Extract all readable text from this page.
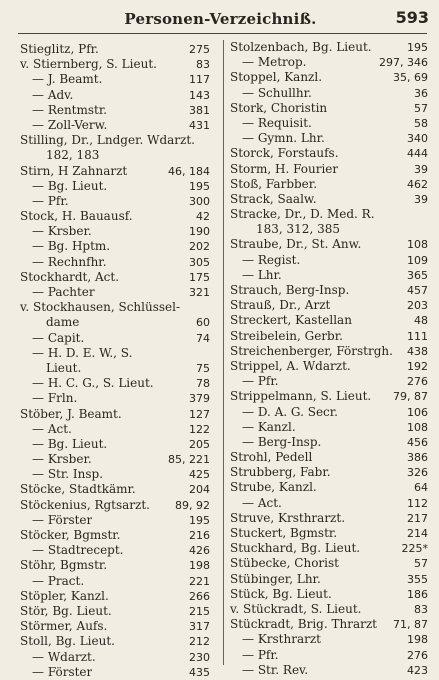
Personen-Verzeichniß.	593
Stieglitz, Pfr.	275
v. Stiernberg, S. Lieut.	83
— J. Beamt.	117
— Adv.	143
— Rentmstr.	381
— Zoll-Verw.	431
Stilling, Dr., Lndger. Wdarzt.
182, 183
Stirn, H Zahnarzt	46, 184
— Bg. Lieut.	195
— Pfr.	300
Stock, H. Bauausf.	42
— Krsber.	190
— Bg. Hptm.	202
— Rechnfhr.	305
Stockhardt, Act.	175
— Pachter	321
v. Stockhausen, Schlüssel-
dame	60
— Capit.	74
— H. D. E. W., S.
Lieut.	75
— H. C. G., S. Lieut.	78
— Frln.	379
Stöber, J. Beamt.	127
— Act.	122
— Bg. Lieut.	205
— Krsber.	85, 221
— Str. Insp.	425
Stöcke, Stadtkämr.	204
Stöckenius, Rgtsarzt. 89, 92
— Förster	195
Stöcker, Bgmstr.	216
— Stadtrecept.	426
Stöhr, Bgmstr.	198
— Pract.	221
Stöpler, Kanzl.	266
Stör, Bg. Lieut.	215
Störmer, Aufs.	317
Stoll, Bg. Lieut.	212
— Wdarzt.	230
— Förster	435
Stolzenbach, Bg. Lieut.	195
— Metrop.	297, 346
Stoppel, Kanzl.	35, 69
— Schullhr.	36
Stork, Choristin	57
— Requisit.	58
— Gymn. Lhr.	340
Storck, Forstaufs.	444
Storm, H. Fourier	39
Stoß, Farbber.	462
Strack, Saalw.	39
Stracke, Dr., D. Med. R.
183, 312, 385
Straube, Dr., St. Anw.	108
— Regist.	109
— Lhr.	365
Strauch, Berg-Insp.	457
Strauß, Dr., Arzt	203
Streckert, Kastellan	48
Streibelein, Gerbr.	111
Streichenberger, Förstrgh. 438
Strippel, A. Wdarzt.	192
— Pfr.	276
Strippelmann, S. Lieut. 79, 87
— D. A. G. Secr.	106
— Kanzl.	108
— Berg-Insp.	456
Strohl, Pedell	386
Strubberg, Fabr.	326
Strube, Kanzl.	64
— Act.	112
Struve, Krsthrarzt.	217
Stuckert, Bgmstr.	214
Stuckhard, Bg. Lieut.	225*
Stübecke, Chorist	57
Stübinger, Lhr.	355
Stück, Bg. Lieut.	186
v. Stückradt, S. Lieut.	83
Stückradt, Brig. Thrarzt 71, 87
— Krsthrarzt	198
— Pfr.	276
— Str. Rev.	423
